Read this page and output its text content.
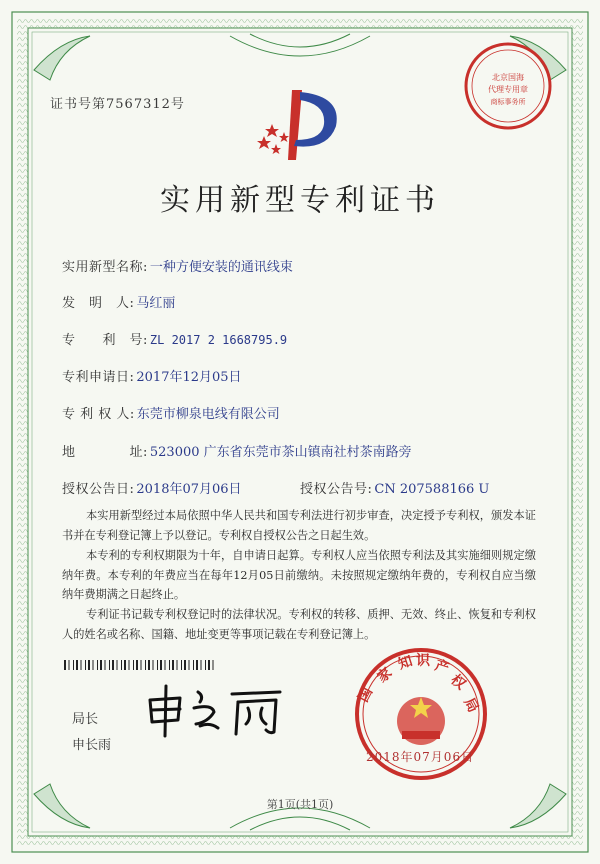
北京国海
代理专用章
商标事务所
证书号第7567312号
实用新型专利证书
实用新型名称: 一种方便安装的通讯线束
发　明　人: 马红丽
专　　利　号: ZL 2017 2 1668795.9
专利申请日: 2017年12月05日
专 利 权 人: 东莞市柳泉电线有限公司
地　　　　址: 523000 广东省东莞市茶山镇南社村茶南路旁
授权公告日: 2018年07月06日	授权公告号: CN 207588166 U
本实用新型经过本局依照中华人民共和国专利法进行初步审查，决定授予专利权，颁发本证书并在专利登记簿上予以登记。专利权自授权公告之日起生效。
本专利的专利权期限为十年，自申请日起算。专利权人应当依照专利法及其实施细则规定缴纳年费。本专利的年费应当在每年12月05日前缴纳。未按照规定缴纳年费的，专利权自应当缴纳年费期满之日起终止。
专利证书记载专利权登记时的法律状况。专利权的转移、质押、无效、终止、恢复和专利权人的姓名或名称、国籍、地址变更等事项记载在专利登记簿上。
局长
申长雨
家
知 识 产
权
国
局
2018年07月06日
第1页(共1页)
